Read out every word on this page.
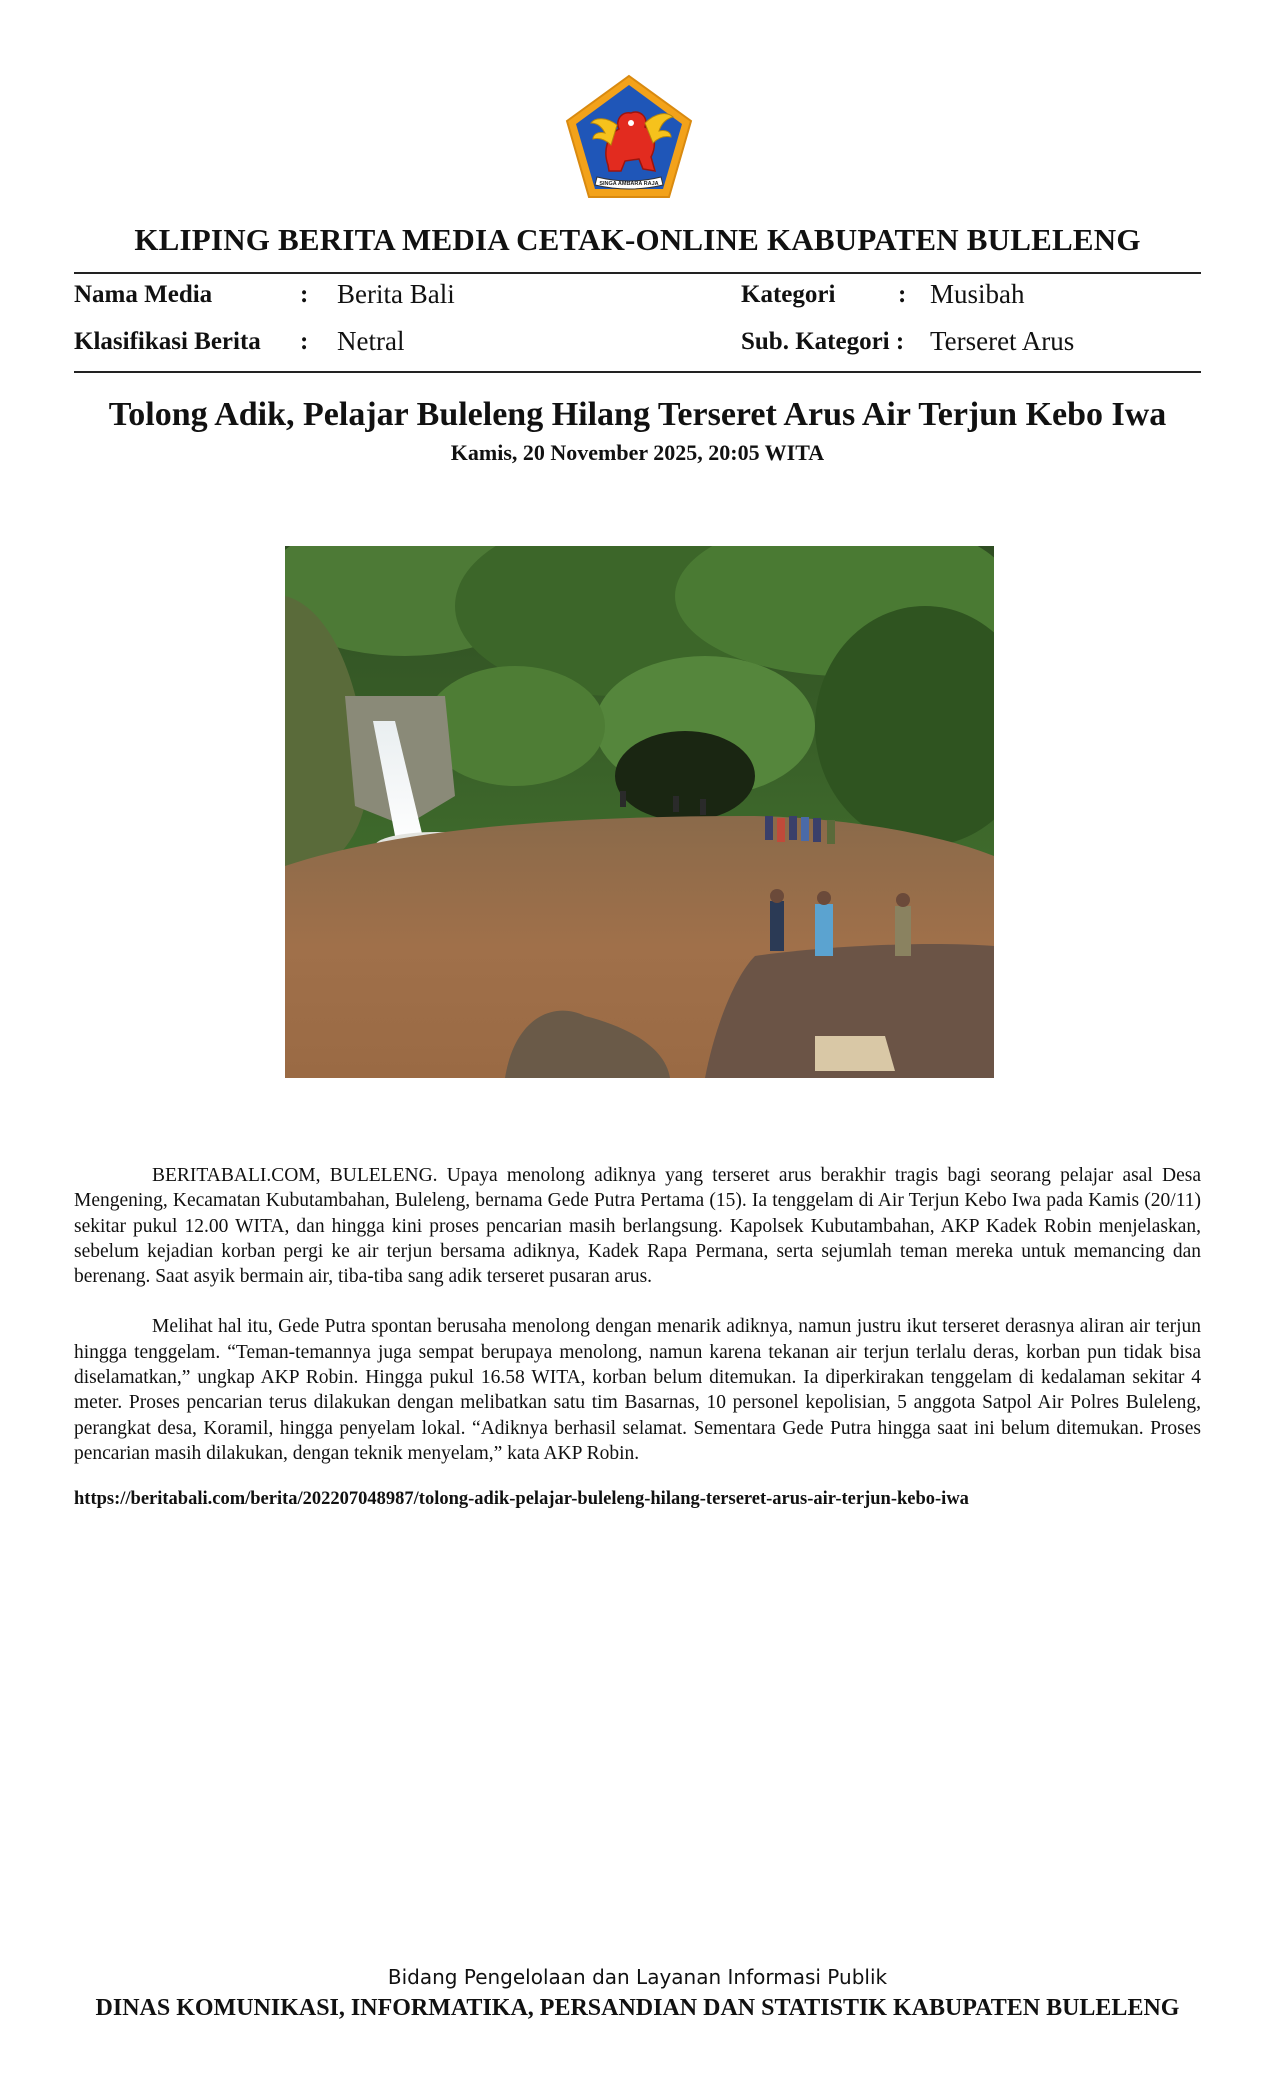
SINGA AMBARA RAJA
KLIPING BERITA MEDIA CETAK-ONLINE KABUPATEN BULELENG
Nama Media	: Berita Bali
Klasifikasi Berita : Netral
Kategori	: Musibah
Sub. Kategori : Terseret Arus
Tolong Adik, Pelajar Buleleng Hilang Terseret Arus Air Terjun Kebo Iwa
Kamis, 20 November 2025, 20:05 WITA

BERITABALI.COM, BULELENG. Upaya menolong adiknya yang terseret arus berakhir tragis bagi seorang pelajar asal Desa Mengening, Kecamatan Kubutambahan, Buleleng, bernama Gede Putra Pertama (15). Ia tenggelam di Air Terjun Kebo Iwa pada Kamis (20/11) sekitar pukul 12.00 WITA, dan hingga kini proses pencarian masih berlangsung. Kapolsek Kubutambahan, AKP Kadek Robin menjelaskan, sebelum kejadian korban pergi ke air terjun bersama adiknya, Kadek Rapa Permana, serta sejumlah teman mereka untuk memancing dan berenang. Saat asyik bermain air, tiba-tiba sang adik terseret pusaran arus.

Melihat hal itu, Gede Putra spontan berusaha menolong dengan menarik adiknya, namun justru ikut terseret derasnya aliran air terjun hingga tenggelam. “Teman-temannya juga sempat berupaya menolong, namun karena tekanan air terjun terlalu deras, korban pun tidak bisa diselamatkan,” ungkap AKP Robin. Hingga pukul 16.58 WITA, korban belum ditemukan. Ia diperkirakan tenggelam di kedalaman sekitar 4 meter. Proses pencarian terus dilakukan dengan melibatkan satu tim Basarnas, 10 personel kepolisian, 5 anggota Satpol Air Polres Buleleng, perangkat desa, Koramil, hingga penyelam lokal. “Adiknya berhasil selamat. Sementara Gede Putra hingga saat ini belum ditemukan. Proses pencarian masih dilakukan, dengan teknik menyelam,” kata AKP Robin.

https://beritabali.com/berita/202207048987/tolong-adik-pelajar-buleleng-hilang-terseret-arus-air-terjun-kebo-iwa
Bidang Pengelolaan dan Layanan Informasi Publik
DINAS KOMUNIKASI, INFORMATIKA, PERSANDIAN DAN STATISTIK KABUPATEN BULELENG
